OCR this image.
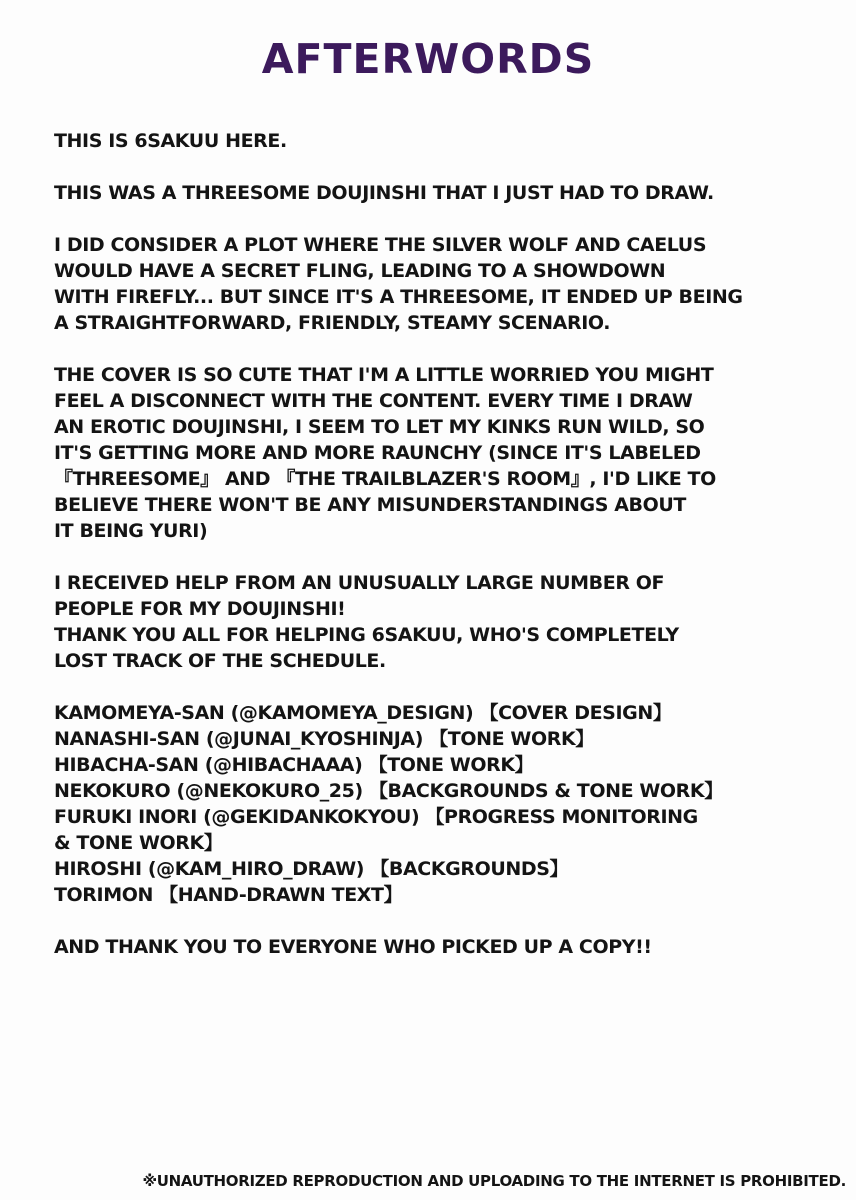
AFTERWORDS
THIS IS 6SAKUU HERE.
THIS WAS A THREESOME DOUJINSHI THAT I JUST HAD TO DRAW.
I DID CONSIDER A PLOT WHERE THE SILVER WOLF AND CAELUS
WOULD HAVE A SECRET FLING, LEADING TO A SHOWDOWN
WITH FIREFLY... BUT SINCE IT'S A THREESOME, IT ENDED UP BEING
A STRAIGHTFORWARD, FRIENDLY, STEAMY SCENARIO.
THE COVER IS SO CUTE THAT I'M A LITTLE WORRIED YOU MIGHT
FEEL A DISCONNECT WITH THE CONTENT. EVERY TIME I DRAW
AN EROTIC DOUJINSHI, I SEEM TO LET MY KINKS RUN WILD, SO
IT'S GETTING MORE AND MORE RAUNCHY (SINCE IT'S LABELED
『THREESOME』 AND 『THE TRAILBLAZER'S ROOM』, I'D LIKE TO
BELIEVE THERE WON'T BE ANY MISUNDERSTANDINGS ABOUT
IT BEING YURI)
I RECEIVED HELP FROM AN UNUSUALLY LARGE NUMBER OF
PEOPLE FOR MY DOUJINSHI!
THANK YOU ALL FOR HELPING 6SAKUU, WHO'S COMPLETELY
LOST TRACK OF THE SCHEDULE.
KAMOMEYA-SAN (@KAMOMEYA_DESIGN) 【COVER DESIGN】
NANASHI-SAN (@JUNAI_KYOSHINJA) 【TONE WORK】
HIBACHA-SAN (@HIBACHAAA) 【TONE WORK】
NEKOKURO (@NEKOKURO_25) 【BACKGROUNDS & TONE WORK】
FURUKI INORI (@GEKIDANKOKYOU) 【PROGRESS MONITORING
& TONE WORK】
HIROSHI (@KAM_HIRO_DRAW) 【BACKGROUNDS】
TORIMON 【HAND-DRAWN TEXT】
AND THANK YOU TO EVERYONE WHO PICKED UP A COPY!!
※UNAUTHORIZED REPRODUCTION AND UPLOADING TO THE INTERNET IS PROHIBITED.
